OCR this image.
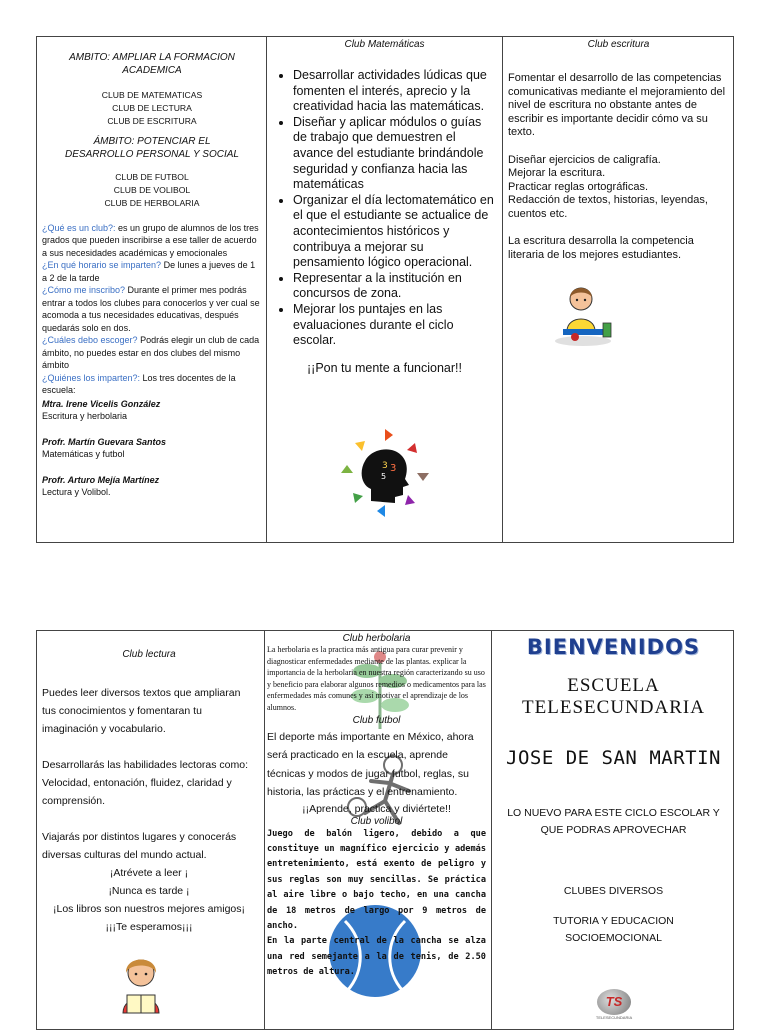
AMBITO: AMPLIAR LA FORMACION ACADEMICA
CLUB DE MATEMATICAS
CLUB DE LECTURA
CLUB DE ESCRITURA
ÁMBITO: POTENCIAR EL DESARROLLO PERSONAL Y SOCIAL
CLUB DE FUTBOL
CLUB DE VOLIBOL
CLUB DE HERBOLARIA
¿Qué es un club?: es un grupo de alumnos de los tres grados que pueden inscribirse a ese taller de acuerdo a sus necesidades académicas y emocionales
¿En qué horario se imparten? De lunes a jueves de 1 a 2 de la tarde
¿Cómo me inscribo? Durante el primer mes podrás entrar a todos los clubes para conocerlos y ver cual se acomoda a tus necesidades educativas, después quedarás solo en dos.
¿Cuáles debo escoger? Podrás elegir un club de cada ámbito, no puedes estar en dos clubes del mismo ámbito
¿Quiénes los imparten?: Los tres docentes de la escuela:
Mtra. Irene Vicelis González
Escritura y herbolaria
Profr. Martín Guevara Santos
Matemáticas y futbol
Profr. Arturo Mejía Martínez
Lectura y Volibol.
Club Matemáticas
• Desarrollar actividades lúdicas que fomenten el interés, aprecio y la creatividad hacia las matemáticas.
• Diseñar y aplicar módulos o guías de trabajo que demuestren el avance del estudiante brindándole seguridad y confianza hacia las matemáticas
• Organizar el día lectomatemático en el que el estudiante se actualice de acontecimientos históricos y contribuya a mejorar su pensamiento lógico operacional.
• Representar a la institución en concursos de zona.
• Mejorar los puntajes en las evaluaciones durante el ciclo escolar.
¡¡Pon tu mente a funcionar!!
3 3
5
Club escritura
Fomentar el desarrollo de las competencias comunicativas mediante el mejoramiento del nivel de escritura no obstante antes de escribir es importante decidir cómo va su texto.
Diseñar ejercicios de caligrafía.
Mejorar la escritura.
Practicar reglas ortográficas.
Redacción de textos, historias, leyendas, cuentos etc.
La escritura desarrolla la competencia literaria de los mejores estudiantes.
Club lectura

Puedes leer diversos textos que ampliaran tus conocimientos y fomentaran tu imaginación y vocabulario.

Desarrollarás las habilidades lectoras como: Velocidad, entonación, fluidez, claridad y comprensión.

Viajarás por distintos lugares y conocerás diversas culturas del mundo actual.

¡Atrévete a leer ¡
¡Nunca es tarde ¡
¡Los libros son nuestros mejores amigos¡
¡¡¡Te esperamos¡¡¡
Club herbolaria
La herbolaria es la practica más antigua para curar prevenir y diagnosticar enfermedades mediante de las plantas. explicar la importancia de la herbolaria en nuestra región caracterizando su uso y beneficio para elaborar algunos remedios o medicamentos para las enfermedades más comunes y así motivar el aprendizaje de los alumnos.
Club futbol
El deporte más importante en México, ahora será practicado en la escuela, aprende técnicas y modos de jugar futbol, reglas, su historia, las prácticas y el entrenamiento.
¡¡Aprende, practica y diviértete!!
Club volibol
Juego de balón ligero, debido a que constituye un magnífico ejercicio y además entretenimiento, está exento de peligro y sus reglas son muy sencillas. Se práctica al aire libre o bajo techo, en una cancha de 18 metros de largo por 9 metros de ancho.
En la parte central de la cancha se alza una red semejante a la de tenis, de 2.50 metros de altura.
BIENVENIDOS
ESCUELA
TELESECUNDARIA
JOSE DE SAN MARTIN
LO NUEVO PARA ESTE CICLO ESCOLAR Y QUE PODRAS APROVECHAR
CLUBES DIVERSOS
TUTORIA Y EDUCACION SOCIOEMOCIONAL
TS
TELESECUNDARIA
